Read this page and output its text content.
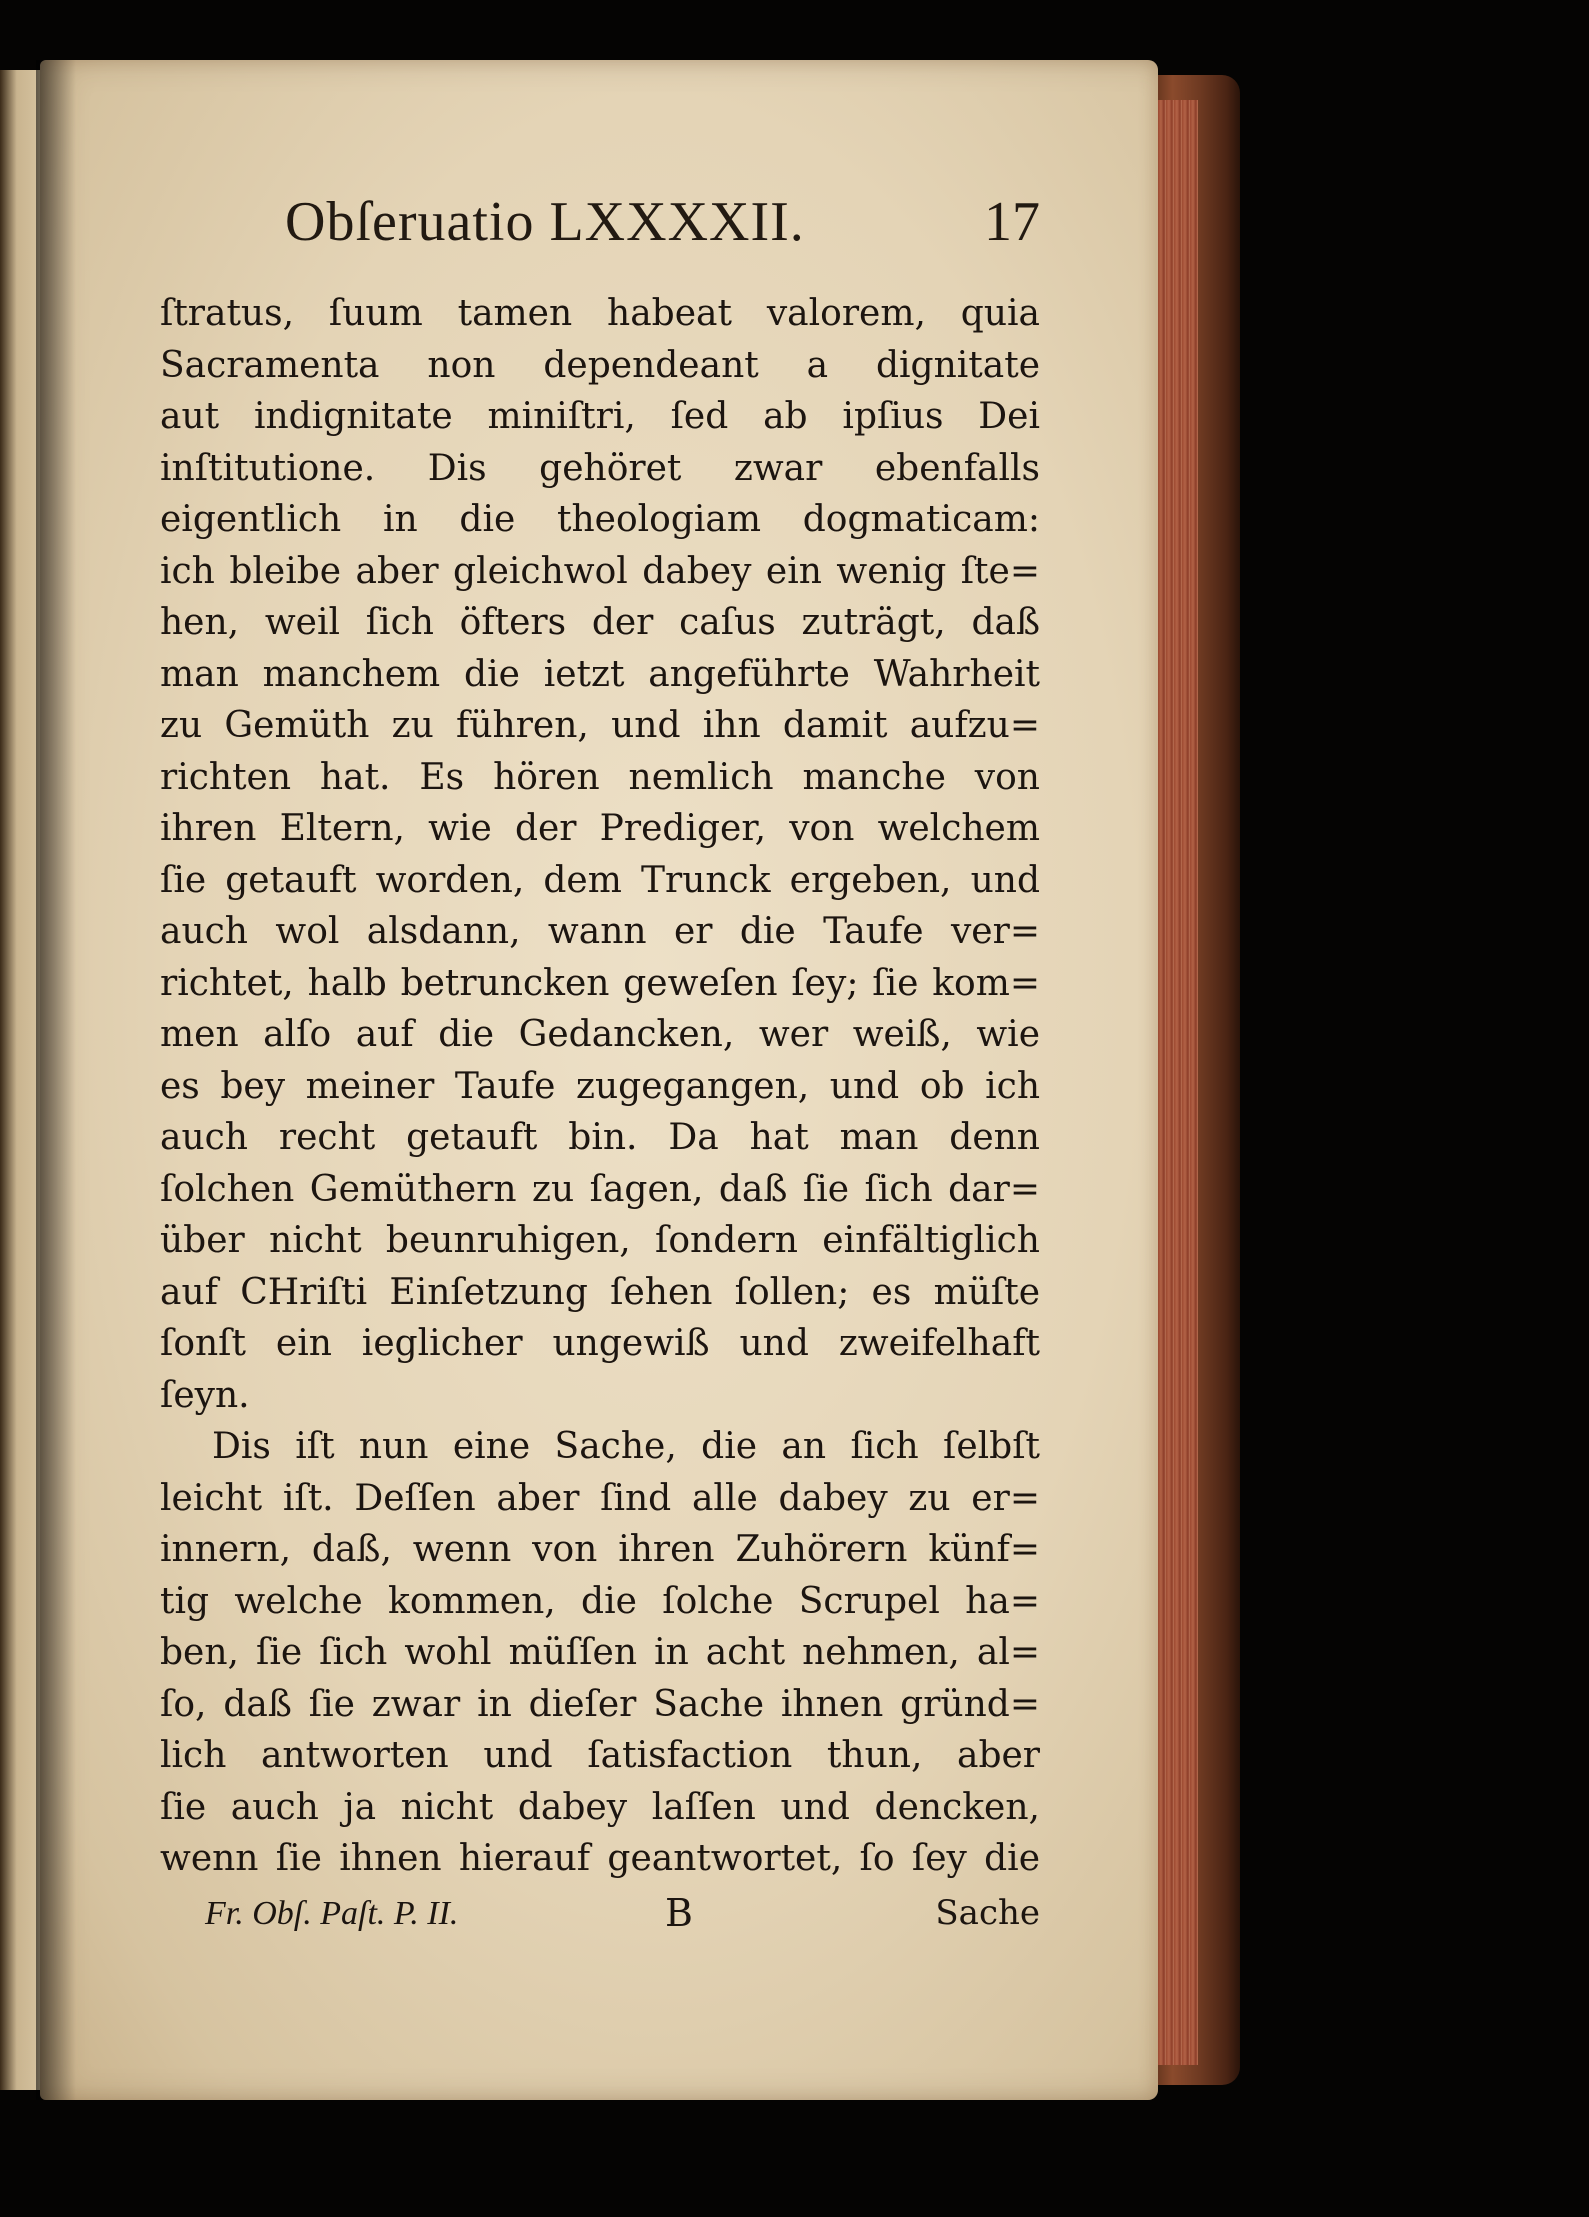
Obſeruatio LXXXXII.	17
ſtratus, ſuum tamen habeat valorem, quia
Sacramenta non dependeant a dignitate
aut indignitate miniſtri, ſed ab ipſius Dei
inſtitutione. Dis gehöret zwar ebenfalls
eigentlich in die theologiam dogmaticam:
ich bleibe aber gleichwol dabey ein wenig ſte=
hen, weil ſich öfters der caſus zuträgt, daß
man manchem die ietzt angeführte Wahrheit
zu Gemüth zu führen, und ihn damit aufzu=
richten hat. Es hören nemlich manche von
ihren Eltern, wie der Prediger, von welchem
ſie getauft worden, dem Trunck ergeben, und
auch wol alsdann, wann er die Taufe ver=
richtet, halb betruncken geweſen ſey; ſie kom=
men alſo auf die Gedancken, wer weiß, wie
es bey meiner Taufe zugegangen, und ob ich
auch recht getauft bin. Da hat man denn
ſolchen Gemüthern zu ſagen, daß ſie ſich dar=
über nicht beunruhigen, ſondern einfältiglich
auf CHriſti Einſetzung ſehen ſollen; es müſte
ſonſt ein ieglicher ungewiß und zweifelhaft
ſeyn.
Dis iſt nun eine Sache, die an ſich ſelbſt
leicht iſt. Deſſen aber ſind alle dabey zu er=
innern, daß, wenn von ihren Zuhörern künf=
tig welche kommen, die ſolche Scrupel ha=
ben, ſie ſich wohl müſſen in acht nehmen, al=
ſo, daß ſie zwar in dieſer Sache ihnen gründ=
lich antworten und ſatisfaction thun, aber
ſie auch ja nicht dabey laſſen und dencken,
wenn ſie ihnen hierauf geantwortet, ſo ſey die
Fr. Obſ. Paſt. P. II.	B	Sache
